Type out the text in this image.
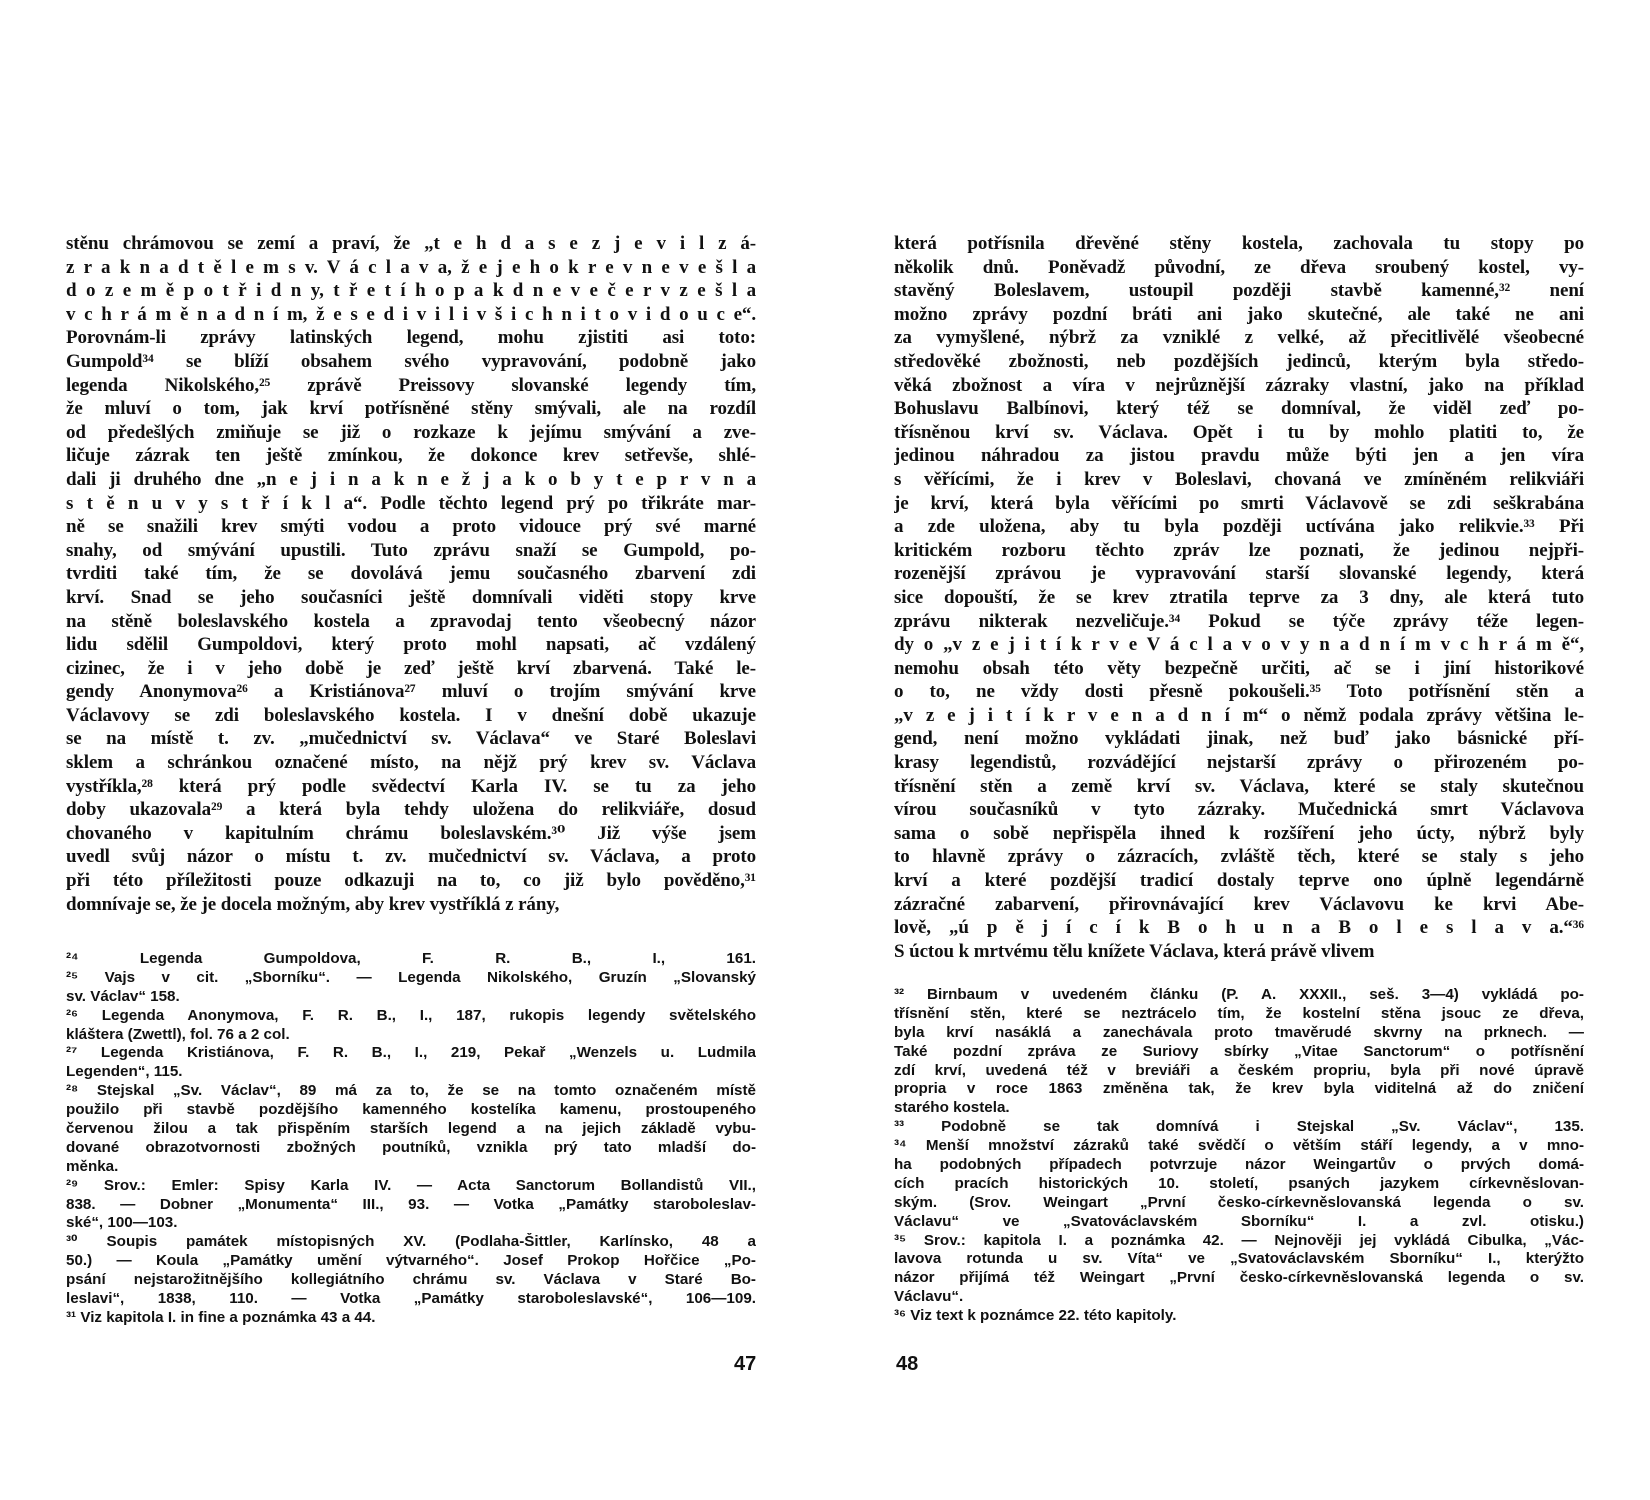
stěnu chrámovou se zemí a praví, že „t e h d a s e z j e v i l z á-
z r a k n a d t ě l e m s v. V á c l a v a, ž e j e h o k r e v n e v e š l a
d o z e m ě p o t ř i d n y, t ř e t í h o p a k d n e v e č e r v z e š l a
v c h r á m ě n a d n í m, ž e s e d i v i l i v š i c h n i t o v i d o u c e“.
Porovnám-li zprávy latinských legend, mohu zjistiti asi toto:
Gumpold³⁴ se blíží obsahem svého vypravování, podobně jako
legenda Nikolského,²⁵ zprávě Preissovy slovanské legendy tím,
že mluví o tom, jak krví potřísněné stěny smývali, ale na rozdíl
od předešlých zmiňuje se již o rozkaze k jejímu smývání a zve-
ličuje zázrak ten ještě zmínkou, že dokonce krev setřevše, shlé-
dali ji druhého dne „n e j i n a k n e ž j a k o b y t e p r v n a
s t ě n u v y s t ř í k l a“. Podle těchto legend prý po třikráte mar-
ně se snažili krev smýti vodou a proto vidouce prý své marné
snahy, od smývání upustili. Tuto zprávu snaží se Gumpold, po-
tvrditi také tím, že se dovolává jemu současného zbarvení zdi
krví. Snad se jeho současníci ještě domnívali viděti stopy krve
na stěně boleslavského kostela a zpravodaj tento všeobecný názor
lidu sdělil Gumpoldovi, který proto mohl napsati, ač vzdálený
cizinec, že i v jeho době je zeď ještě krví zbarvená. Také le-
gendy Anonymova²⁶ a Kristiánova²⁷ mluví o trojím smývání krve
Václavovy se zdi boleslavského kostela. I v dnešní době ukazuje
se na místě t. zv. „mučednictví sv. Václava“ ve Staré Boleslavi
sklem a schránkou označené místo, na nějž prý krev sv. Václava
vystříkla,²⁸ která prý podle svědectví Karla IV. se tu za jeho
doby ukazovala²⁹ a která byla tehdy uložena do relikviáře, dosud
chovaného v kapitulním chrámu boleslavském.³⁰ Již výše jsem
uvedl svůj názor o místu t. zv. mučednictví sv. Václava, a proto
při této příležitosti pouze odkazuji na to, co již bylo pověděno,³¹
domnívaje se, že je docela možným, aby krev vystříklá z rány,
²⁴ Legenda Gumpoldova, F. R. B., I., 161.
²⁵ Vajs v cit. „Sborníku“. — Legenda Nikolského, Gruzín „Slovanský
sv. Václav“ 158.
²⁶ Legenda Anonymova, F. R. B., I., 187, rukopis legendy světelského
kláštera (Zwettl), fol. 76 a 2 col.
²⁷ Legenda Kristiánova, F. R. B., I., 219, Pekař „Wenzels u. Ludmila
Legenden“, 115.
²⁸ Stejskal „Sv. Václav“, 89 má za to, že se na tomto označeném místě
použilo při stavbě pozdějšího kamenného kostelíka kamenu, prostoupeného
červenou žilou a tak přispěním starších legend a na jejich základě vybu-
dované obrazotvornosti zbožných poutníků, vznikla prý tato mladší do-
měnka.
²⁹ Srov.: Emler: Spisy Karla IV. — Acta Sanctorum Bollandistů VII.,
838. — Dobner „Monumenta“ III., 93. — Votka „Památky staroboleslav-
ské“, 100—103.
³⁰ Soupis památek místopisných XV. (Podlaha-Šittler, Karlínsko, 48 a
50.) — Koula „Památky umění výtvarného“. Josef Prokop Hořčice „Po-
psání nejstarožitnějšího kollegiátního chrámu sv. Václava v Staré Bo-
leslavi“, 1838, 110. — Votka „Památky staroboleslavské“, 106—109.
³¹ Viz kapitola I. in fine a poznámka 43 a 44.
47
která potřísnila dřevěné stěny kostela, zachovala tu stopy po
několik dnů. Poněvadž původní, ze dřeva sroubený kostel, vy-
stavěný Boleslavem, ustoupil později stavbě kamenné,³² není
možno zprávy pozdní bráti ani jako skutečné, ale také ne ani
za vymyšlené, nýbrž za vzniklé z velké, až přecitlivělé všeobecné
středověké zbožnosti, neb pozdějších jedinců, kterým byla středo-
věká zbožnost a víra v nejrůznější zázraky vlastní, jako na příklad
Bohuslavu Balbínovi, který též se domníval, že viděl zeď po-
třísněnou krví sv. Václava. Opět i tu by mohlo platiti to, že
jedinou náhradou za jistou pravdu může býti jen a jen víra
s věřícími, že i krev v Boleslavi, chovaná ve zmíněném relikviáři
je krví, která byla věřícími po smrti Václavově se zdi seškrabána
a zde uložena, aby tu byla později uctívána jako relikvie.³³ Při
kritickém rozboru těchto zpráv lze poznati, že jedinou nejpři-
rozenější zprávou je vypravování starší slovanské legendy, která
sice dopouští, že se krev ztratila teprve za 3 dny, ale která tuto
zprávu nikterak nezveličuje.³⁴ Pokud se týče zprávy téže legen-
dy o „v z e j i t í k r v e V á c l a v o v y n a d n í m v c h r á m ě“,
nemohu obsah této věty bezpečně určiti, ač se i jiní historikové
o to, ne vždy dosti přesně pokoušeli.³⁵ Toto potřísnění stěn a
„v z e j i t í k r v e n a d n í m“ o němž podala zprávy většina le-
gend, není možno vykládati jinak, než buď jako básnické pří-
krasy legendistů, rozvádějící nejstarší zprávy o přirozeném po-
třísnění stěn a země krví sv. Václava, které se staly skutečnou
vírou současníků v tyto zázraky. Mučednická smrt Václavova
sama o sobě nepřispěla ihned k rozšíření jeho úcty, nýbrž byly
to hlavně zprávy o zázracích, zvláště těch, které se staly s jeho
krví a které pozdější tradicí dostaly teprve ono úplně legendárně
zázračné zabarvení, přirovnávající krev Václavovu ke krvi Abe-
lově, „ú p ě j í c í k B o h u n a B o l e s l a v a.“³⁶
S úctou k mrtvému tělu knížete Václava, která právě vlivem
³² Birnbaum v uvedeném článku (P. A. XXXII., seš. 3—4) vykládá po-
třísnění stěn, které se neztrácelo tím, že kostelní stěna jsouc ze dřeva,
byla krví nasáklá a zanechávala proto tmavěrudé skvrny na prknech. —
Také pozdní zpráva ze Suriovy sbírky „Vitae Sanctorum“ o potřísnění
zdí krví, uvedená též v breviáři a českém propriu, byla při nové úpravě
propria v roce 1863 změněna tak, že krev byla viditelná až do zničení
starého kostela.
³³ Podobně se tak domnívá i Stejskal „Sv. Václav“, 135.
³⁴ Menší množství zázraků také svědčí o větším stáří legendy, a v mno-
ha podobných případech potvrzuje názor Weingartův o prvých domá-
cích pracích historických 10. století, psaných jazykem církevněslovan-
ským. (Srov. Weingart „První česko-církevněslovanská legenda o sv.
Václavu“ ve „Svatováclavském Sborníku“ I. a zvl. otisku.)
³⁵ Srov.: kapitola I. a poznámka 42. — Nejnověji jej vykládá Cibulka, „Vác-
lavova rotunda u sv. Víta“ ve „Svatováclavském Sborníku“ I., kterýžto
názor přijímá též Weingart „První česko-církevněslovanská legenda o sv.
Václavu“.
³⁶ Viz text k poznámce 22. této kapitoly.
48
